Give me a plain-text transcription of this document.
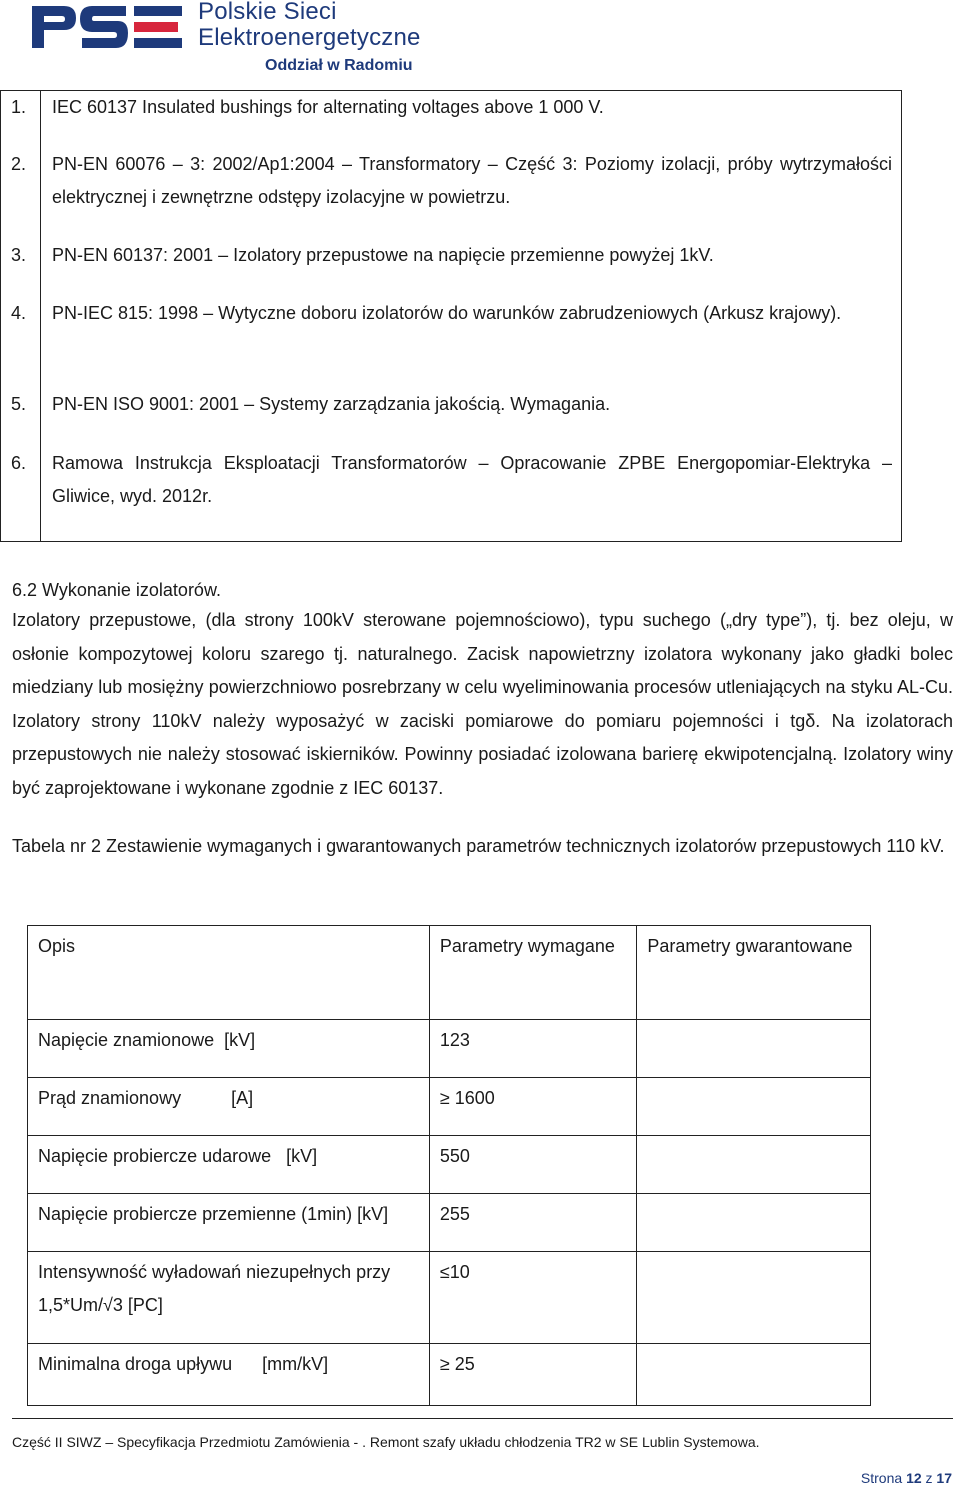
Polskie Sieci
Elektroenergetyczne
Oddział w Radomiu
1. IEC 60137 Insulated bushings for alternating voltages above 1 000 V.
2. PN-EN 60076 – 3: 2002/Ap1:2004 – Transformatory – Część 3: Poziomy izolacji, próby wytrzymałości elektrycznej i zewnętrzne odstępy izolacyjne w powietrzu.
3. PN-EN 60137: 2001 – Izolatory przepustowe na napięcie przemienne powyżej 1kV.
4. PN-IEC 815: 1998 – Wytyczne doboru izolatorów do warunków zabrudzeniowych (Arkusz krajowy).
5. PN-EN ISO 9001: 2001 – Systemy zarządzania jakością. Wymagania.
6. Ramowa Instrukcja Eksploatacji Transformatorów – Opracowanie ZPBE Energopomiar-Elektryka – Gliwice, wyd. 2012r.
6.2 Wykonanie izolatorów.
Izolatory przepustowe, (dla strony 100kV sterowane pojemnościowo), typu suchego („dry type”), tj. bez oleju, w osłonie kompozytowej koloru szarego tj. naturalnego. Zacisk napowietrzny izolatora wykonany jako gładki bolec miedziany lub mosiężny powierzchniowo posrebrzany w celu wyeliminowania procesów utleniających na styku AL-Cu. Izolatory strony 110kV należy wyposażyć w zaciski pomiarowe do pomiaru pojemności i tgδ. Na izolatorach przepustowych nie należy stosować iskierników. Powinny posiadać izolowana barierę ekwipotencjalną. Izolatory winy być zaprojektowane i wykonane zgodnie z IEC 60137.
Tabela nr 2 Zestawienie wymaganych i gwarantowanych parametrów technicznych izolatorów przepustowych 110 kV.
Opis	Parametry wymagane	Parametry gwarantowane
Napięcie znamionowe  [kV]	123	
Prąd znamionowy          [A]	≥ 1600	
Napięcie probiercze udarowe   [kV]	550	
Napięcie probiercze przemienne (1min) [kV]	255	
Intensywność wyładowań niezupełnych przy 1,5*Um/√3 [PC]	≤10	
Minimalna droga upływu      [mm/kV]	≥ 25	
Część II SIWZ – Specyfikacja Przedmiotu Zamówienia - . Remont szafy układu chłodzenia TR2 w SE Lublin Systemowa.
Strona 12 z 17
